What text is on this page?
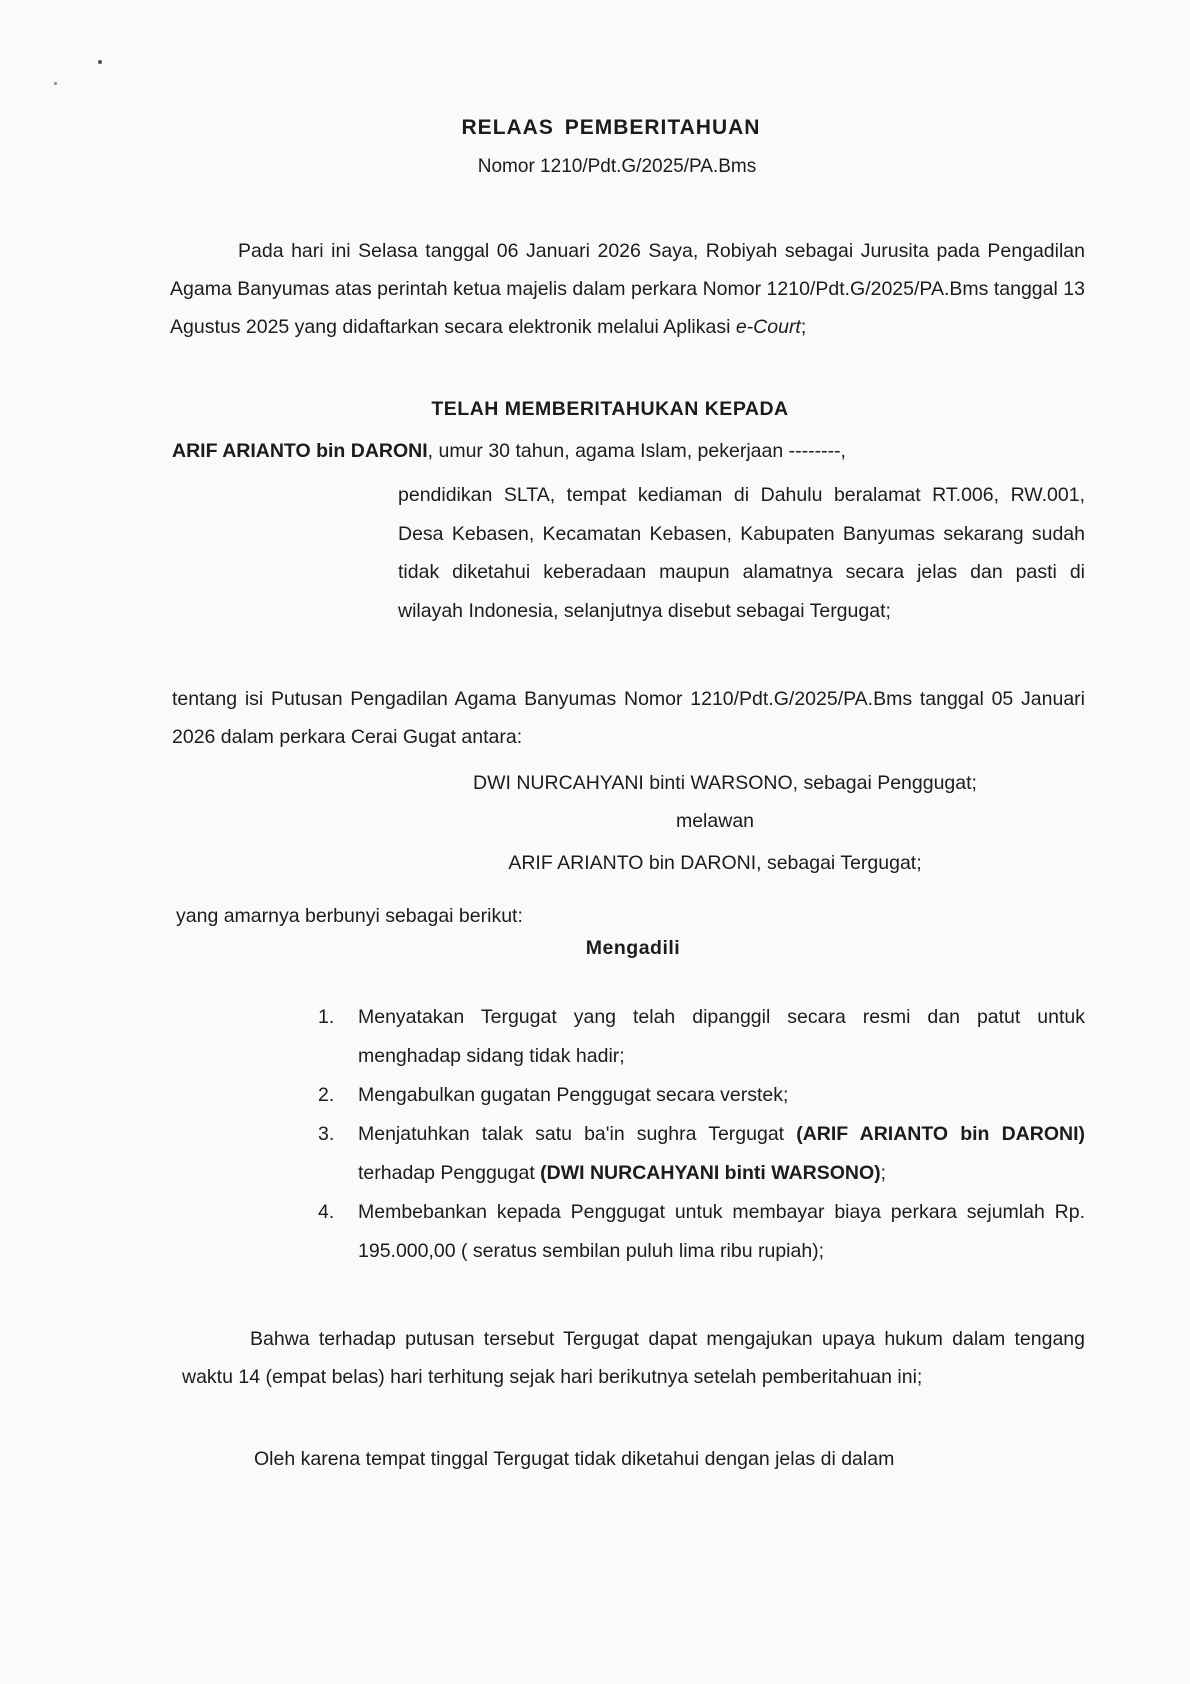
RELAAS PEMBERITAHUAN
Nomor 1210/Pdt.G/2025/PA.Bms
Pada hari ini Selasa tanggal 06 Januari 2026 Saya, Robiyah sebagai Jurusita pada Pengadilan Agama Banyumas atas perintah ketua majelis dalam perkara Nomor 1210/Pdt.G/2025/PA.Bms tanggal 13 Agustus 2025 yang didaftarkan secara elektronik melalui Aplikasi e-Court;
TELAH MEMBERITAHUKAN KEPADA
ARIF ARIANTO bin DARONI, umur 30 tahun, agama Islam, pekerjaan --------,
pendidikan SLTA, tempat kediaman di Dahulu beralamat RT.006, RW.001, Desa Kebasen, Kecamatan Kebasen, Kabupaten Banyumas sekarang sudah tidak diketahui keberadaan maupun alamatnya secara jelas dan pasti di wilayah Indonesia, selanjutnya disebut sebagai Tergugat;
tentang isi Putusan Pengadilan Agama Banyumas Nomor 1210/Pdt.G/2025/PA.Bms tanggal 05 Januari 2026 dalam perkara Cerai Gugat antara:
DWI NURCAHYANI binti WARSONO, sebagai Penggugat;
melawan
ARIF ARIANTO bin DARONI, sebagai Tergugat;
yang amarnya berbunyi sebagai berikut:
Mengadili
1. Menyatakan Tergugat yang telah dipanggil secara resmi dan patut untuk menghadap sidang tidak hadir;
2. Mengabulkan gugatan Penggugat secara verstek;
3. Menjatuhkan talak satu ba'in sughra Tergugat (ARIF ARIANTO bin DARONI) terhadap Penggugat (DWI NURCAHYANI binti WARSONO);
4. Membebankan kepada Penggugat untuk membayar biaya perkara sejumlah Rp. 195.000,00 ( seratus sembilan puluh lima ribu rupiah);
Bahwa terhadap putusan tersebut Tergugat dapat mengajukan upaya hukum dalam tengang waktu 14 (empat belas) hari terhitung sejak hari berikutnya setelah pemberitahuan ini;
Oleh karena tempat tinggal Tergugat tidak diketahui dengan jelas di dalam
